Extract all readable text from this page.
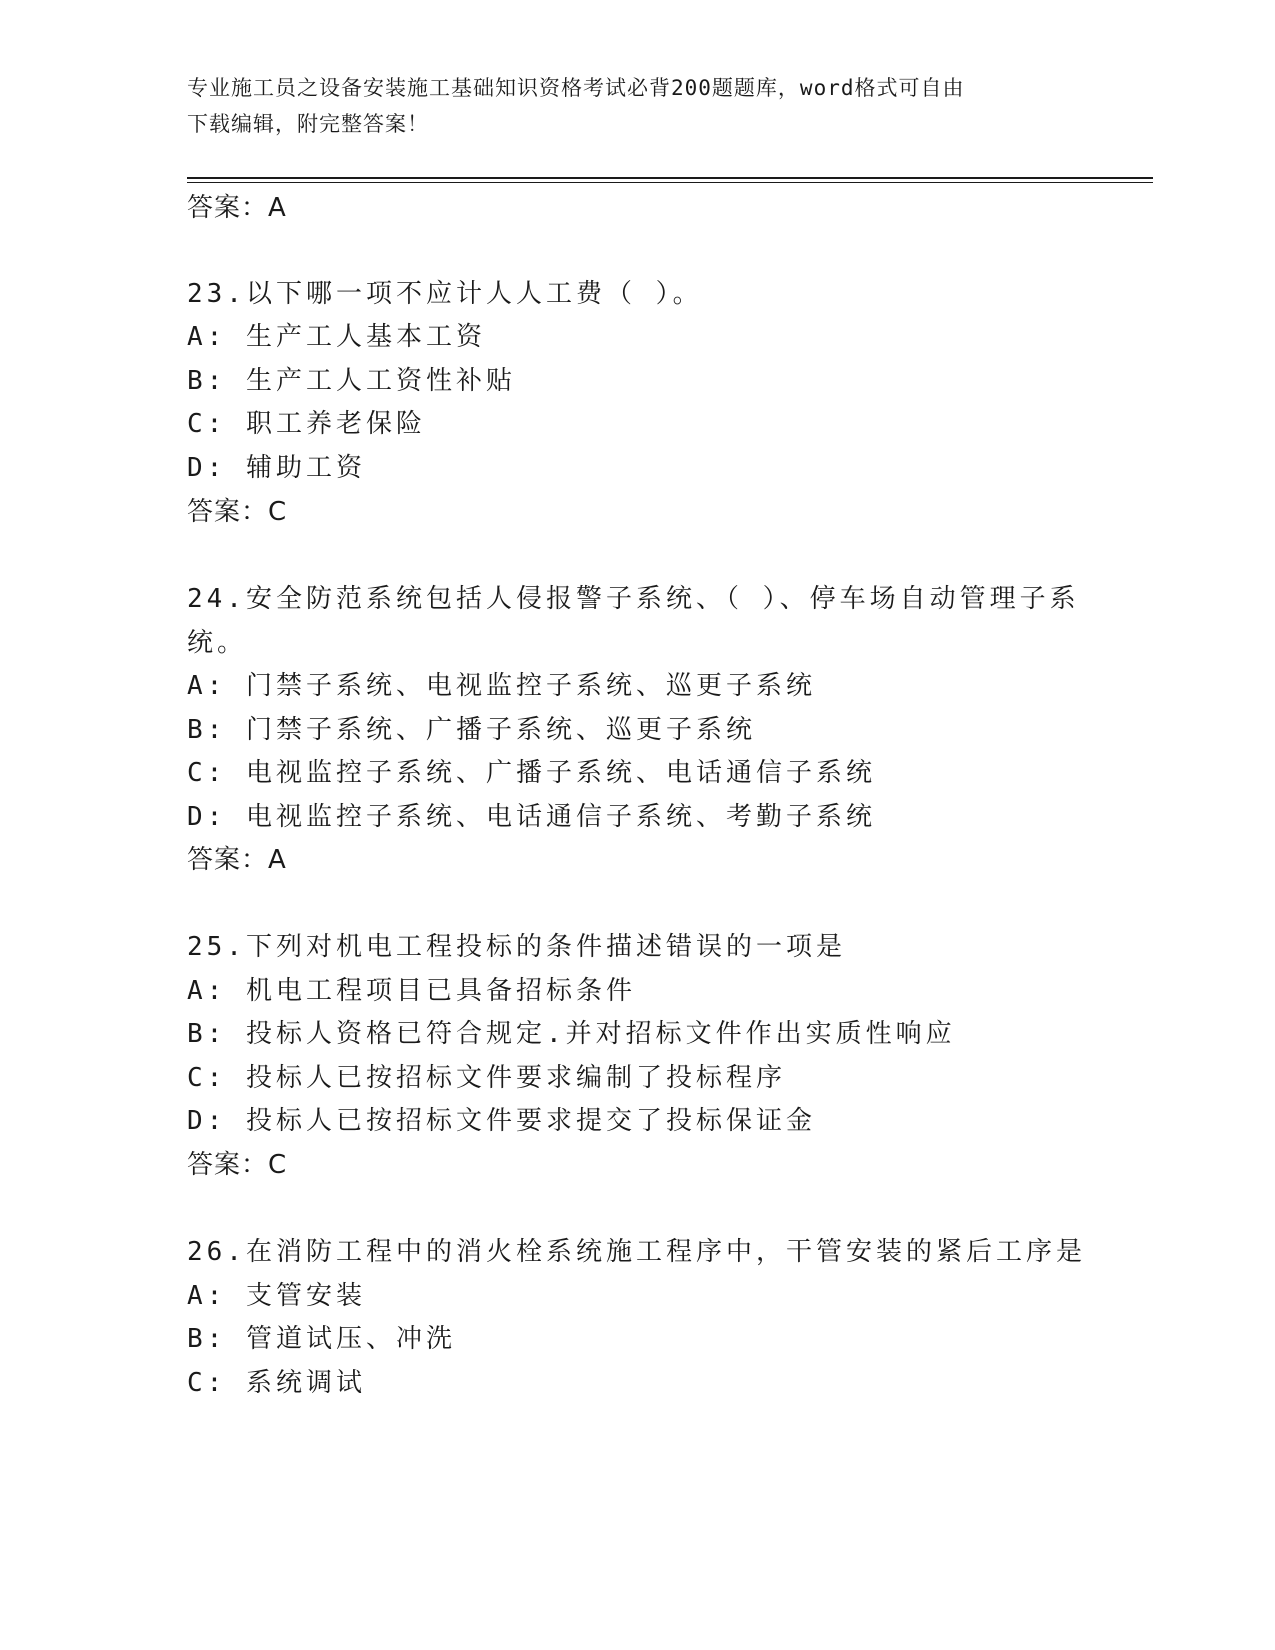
专业施工员之设备安装施工基础知识资格考试必背200题题库，word格式可自由
下载编辑，附完整答案！
答案：A
23.以下哪一项不应计人人工费（ ）。
A: 生产工人基本工资
B: 生产工人工资性补贴
C: 职工养老保险
D: 辅助工资
答案：C
24.安全防范系统包括人侵报警子系统、（ ）、停车场自动管理子系
统。
A: 门禁子系统、电视监控子系统、巡更子系统
B: 门禁子系统、广播子系统、巡更子系统
C: 电视监控子系统、广播子系统、电话通信子系统
D: 电视监控子系统、电话通信子系统、考勤子系统
答案：A
25.下列对机电工程投标的条件描述错误的一项是
A: 机电工程项目已具备招标条件
B: 投标人资格已符合规定.并对招标文件作出实质性响应
C: 投标人已按招标文件要求编制了投标程序
D: 投标人已按招标文件要求提交了投标保证金
答案：C
26.在消防工程中的消火栓系统施工程序中，干管安装的紧后工序是
A: 支管安装
B: 管道试压、冲洗
C: 系统调试
